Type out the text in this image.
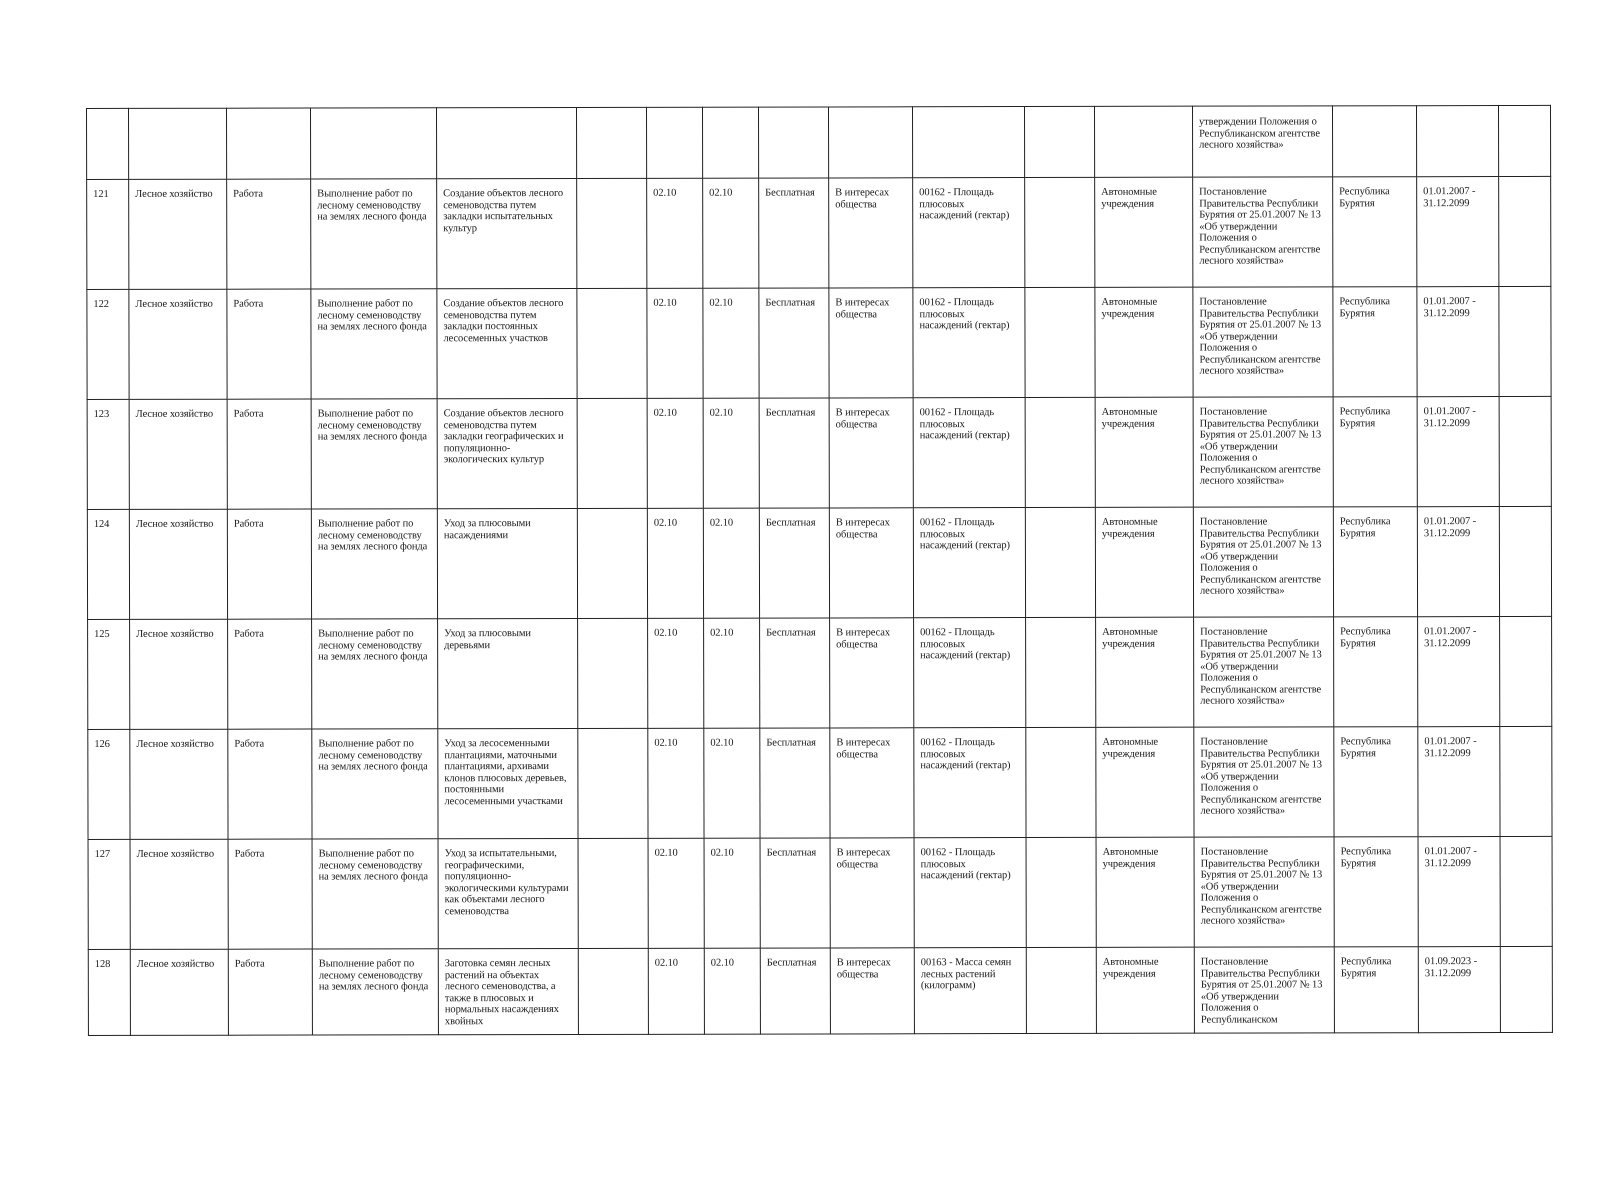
													утверждении Положения о Республиканском агентстве лесного хозяйства»			
121	Лесное хозяйство	Работа	Выполнение работ по лесному семеноводству на землях лесного фонда	Создание объектов лесного семеноводства путем закладки испытательных культур		02.10	02.10	Бесплатная	В интересах общества	00162 - Площадь плюсовых насаждений (гектар)		Автономные учреждения	Постановление Правительства Республики Бурятия от 25.01.2007 № 13 «Об утверждении Положения о Республиканском агентстве лесного хозяйства»	Республика Бурятия	01.01.2007 - 31.12.2099	
122	Лесное хозяйство	Работа	Выполнение работ по лесному семеноводству на землях лесного фонда	Создание объектов лесного семеноводства путем закладки постоянных лесосеменных участков		02.10	02.10	Бесплатная	В интересах общества	00162 - Площадь плюсовых насаждений (гектар)		Автономные учреждения	Постановление Правительства Республики Бурятия от 25.01.2007 № 13 «Об утверждении Положения о Республиканском агентстве лесного хозяйства»	Республика Бурятия	01.01.2007 - 31.12.2099	
123	Лесное хозяйство	Работа	Выполнение работ по лесному семеноводству на землях лесного фонда	Создание объектов лесного семеноводства путем закладки географических и популяционно-экологических культур		02.10	02.10	Бесплатная	В интересах общества	00162 - Площадь плюсовых насаждений (гектар)		Автономные учреждения	Постановление Правительства Республики Бурятия от 25.01.2007 № 13 «Об утверждении Положения о Республиканском агентстве лесного хозяйства»	Республика Бурятия	01.01.2007 - 31.12.2099	
124	Лесное хозяйство	Работа	Выполнение работ по лесному семеноводству на землях лесного фонда	Уход за плюсовыми насаждениями		02.10	02.10	Бесплатная	В интересах общества	00162 - Площадь плюсовых насаждений (гектар)		Автономные учреждения	Постановление Правительства Республики Бурятия от 25.01.2007 № 13 «Об утверждении Положения о Республиканском агентстве лесного хозяйства»	Республика Бурятия	01.01.2007 - 31.12.2099	
125	Лесное хозяйство	Работа	Выполнение работ по лесному семеноводству на землях лесного фонда	Уход за плюсовыми деревьями		02.10	02.10	Бесплатная	В интересах общества	00162 - Площадь плюсовых насаждений (гектар)		Автономные учреждения	Постановление Правительства Республики Бурятия от 25.01.2007 № 13 «Об утверждении Положения о Республиканском агентстве лесного хозяйства»	Республика Бурятия	01.01.2007 - 31.12.2099	
126	Лесное хозяйство	Работа	Выполнение работ по лесному семеноводству на землях лесного фонда	Уход за лесосеменными плантациями, маточными плантациями, архивами клонов плюсовых деревьев, постоянными лесосеменными участками		02.10	02.10	Бесплатная	В интересах общества	00162 - Площадь плюсовых насаждений (гектар)		Автономные учреждения	Постановление Правительства Республики Бурятия от 25.01.2007 № 13 «Об утверждении Положения о Республиканском агентстве лесного хозяйства»	Республика Бурятия	01.01.2007 - 31.12.2099	
127	Лесное хозяйство	Работа	Выполнение работ по лесному семеноводству на землях лесного фонда	Уход за испытательными, географическими, популяционно-экологическими культурами как объектами лесного семеноводства		02.10	02.10	Бесплатная	В интересах общества	00162 - Площадь плюсовых насаждений (гектар)		Автономные учреждения	Постановление Правительства Республики Бурятия от 25.01.2007 № 13 «Об утверждении Положения о Республиканском агентстве лесного хозяйства»	Республика Бурятия	01.01.2007 - 31.12.2099	
128	Лесное хозяйство	Работа	Выполнение работ по лесному семеноводству на землях лесного фонда	Заготовка семян лесных растений на объектах лесного семеноводства, а также в плюсовых и нормальных насаждениях хвойных		02.10	02.10	Бесплатная	В интересах общества	00163 - Масса семян лесных растений (килограмм)		Автономные учреждения	Постановление Правительства Республики Бурятия от 25.01.2007 № 13 «Об утверждении Положения о Республиканском	Республика Бурятия	01.09.2023 - 31.12.2099	
